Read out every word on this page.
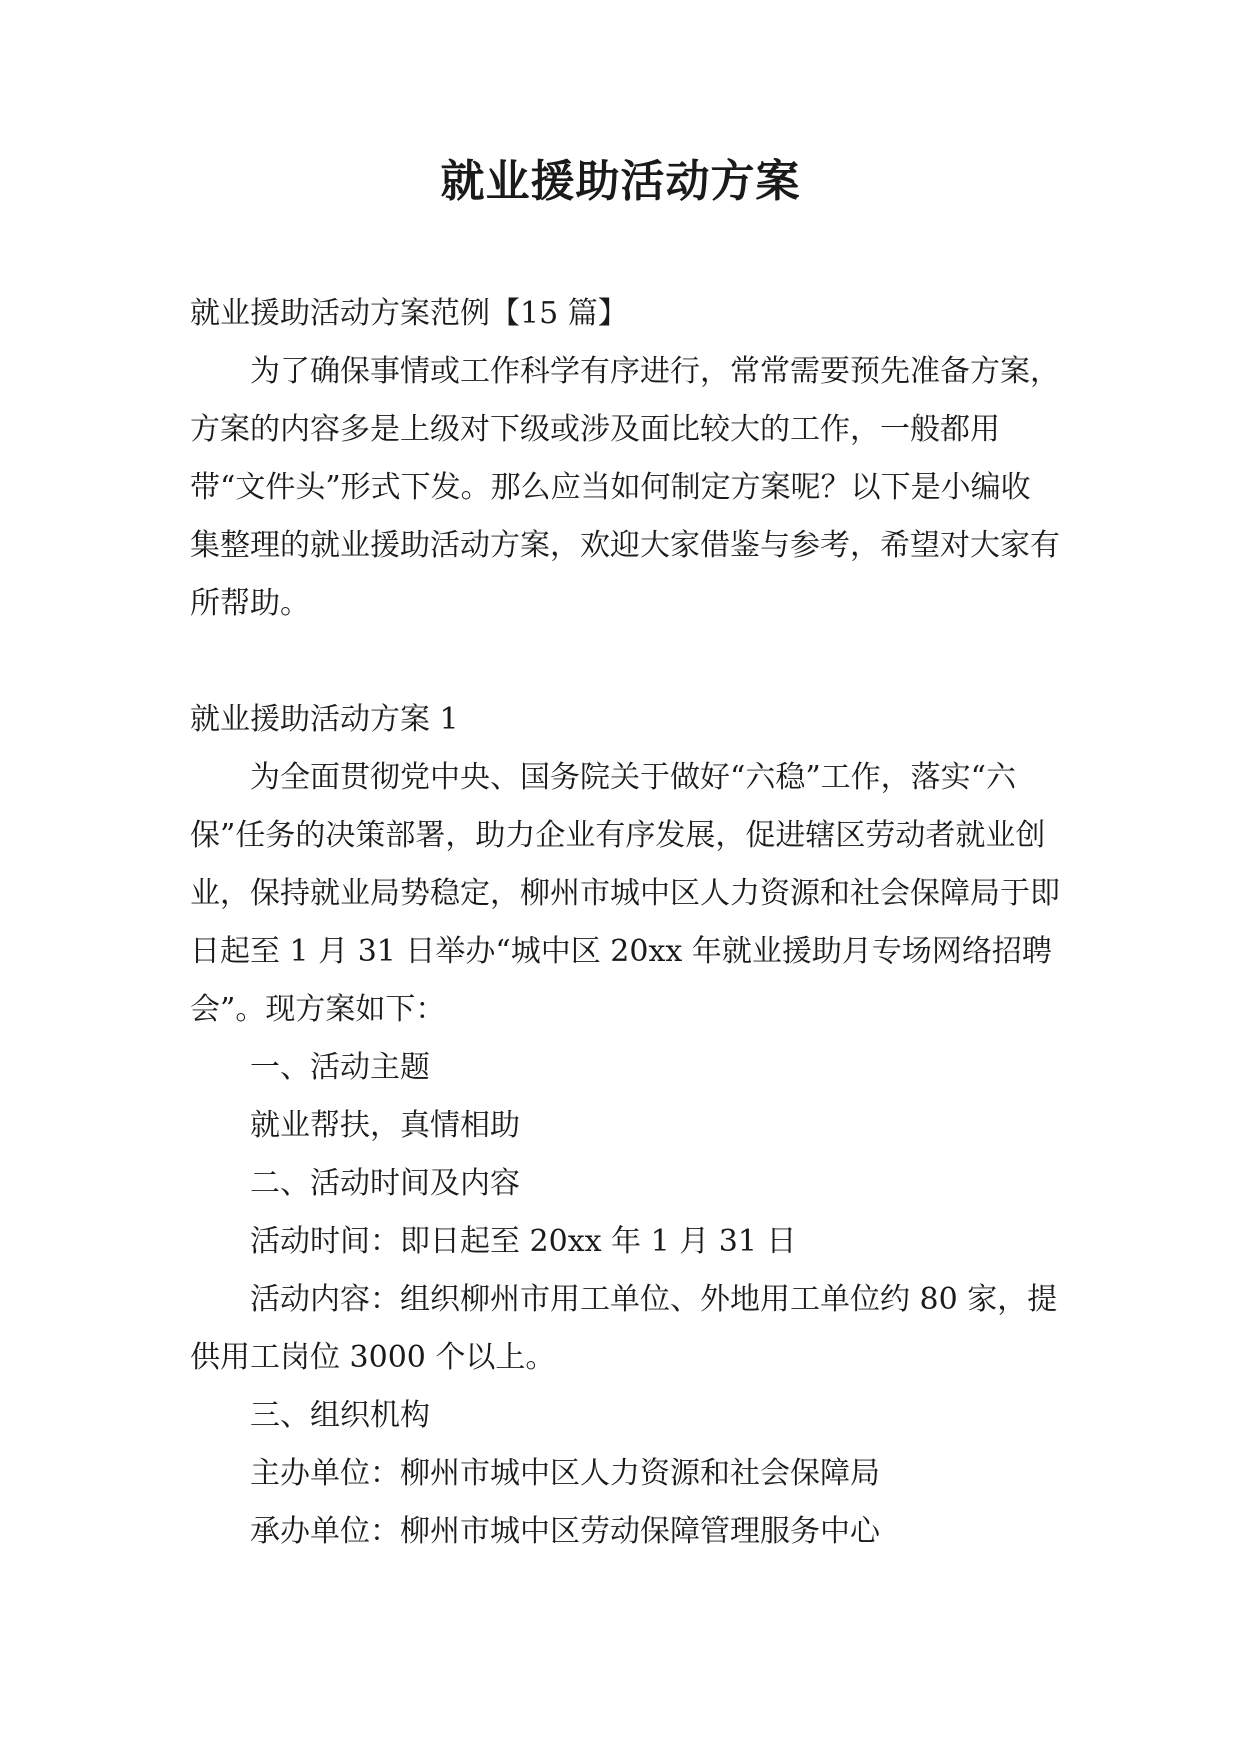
就业援助活动方案

就业援助活动方案范例【15 篇】

为了确保事情或工作科学有序进行，常常需要预先准备方案，方案的内容多是上级对下级或涉及面比较大的工作，一般都用带“文件头”形式下发。那么应当如何制定方案呢？以下是小编收集整理的就业援助活动方案，欢迎大家借鉴与参考，希望对大家有所帮助。

就业援助活动方案 1

为全面贯彻党中央、国务院关于做好“六稳”工作，落实“六保”任务的决策部署，助力企业有序发展，促进辖区劳动者就业创业，保持就业局势稳定，柳州市城中区人力资源和社会保障局于即日起至 1 月 31 日举办“城中区 20xx 年就业援助月专场网络招聘会”。现方案如下：

一、活动主题

就业帮扶，真情相助

二、活动时间及内容

活动时间：即日起至 20xx 年 1 月 31 日

活动内容：组织柳州市用工单位、外地用工单位约 80 家，提供用工岗位 3000 个以上。

三、组织机构

主办单位：柳州市城中区人力资源和社会保障局

承办单位：柳州市城中区劳动保障管理服务中心
